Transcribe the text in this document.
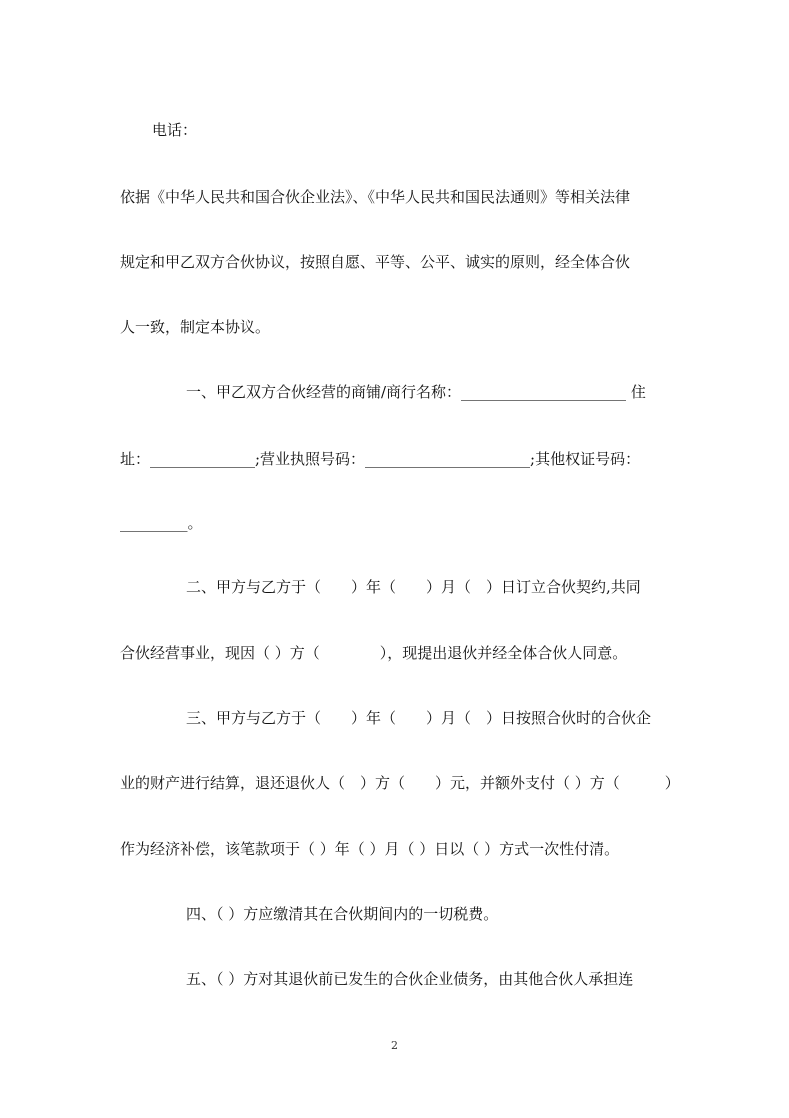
电话：
依据《中华人民共和国合伙企业法》、《中华人民共和国民法通则》等相关法律
规定和甲乙双方合伙协议，按照自愿、平等、公平、诚实的原则，经全体合伙
人一致，制定本协议。
一、甲乙双方合伙经营的商铺/商行名称：______________________ 住
址：______________;营业执照号码：______________________;其他权证号码：
_________。
二、甲方与乙方于（　　）年（　　）月（　）日订立合伙契约,共同
合伙经营事业，现因（ ）方（　　　　），现提出退伙并经全体合伙人同意。
三、甲方与乙方于（　　）年（　　）月（　）日按照合伙时的合伙企
业的财产进行结算，退还退伙人（　）方（　　）元，并额外支付（ ）方（　　　）
作为经济补偿，该笔款项于（ ）年（ ）月（ ）日以（ ）方式一次性付清。
四、（ ）方应缴清其在合伙期间内的一切税费。
五、（ ）方对其退伙前已发生的合伙企业债务，由其他合伙人承担连
2
